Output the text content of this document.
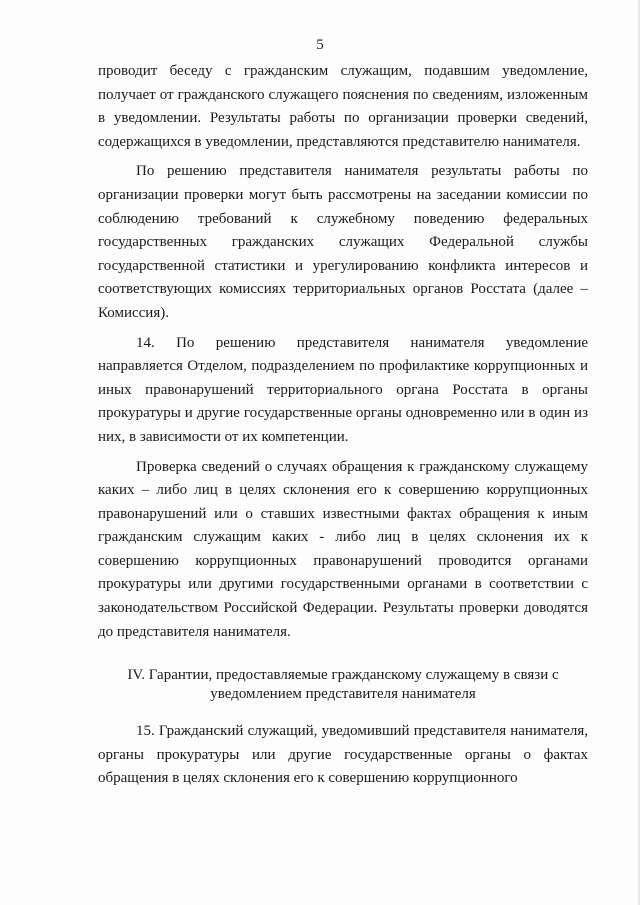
5

проводит беседу с гражданским служащим, подавшим уведомление, получает от гражданского служащего пояснения по сведениям, изложенным в уведомлении. Результаты работы по организации проверки сведений, содержащихся в уведомлении, представляются представителю нанимателя.

По решению представителя нанимателя результаты работы по организации проверки могут быть рассмотрены на заседании комиссии по соблюдению требований к служебному поведению федеральных государственных гражданских служащих Федеральной службы государственной статистики и урегулированию конфликта интересов и соответствующих комиссиях территориальных органов Росстата (далее – Комиссия).

14. По решению представителя нанимателя уведомление направляется Отделом, подразделением по профилактике коррупционных и иных правонарушений территориального органа Росстата в органы прокуратуры и другие государственные органы одновременно или в один из них, в зависимости от их компетенции.

Проверка сведений о случаях обращения к гражданскому служащему каких – либо лиц в целях склонения его к совершению коррупционных правонарушений или о ставших известными фактах обращения к иным гражданским служащим каких - либо лиц в целях склонения их к совершению коррупционных правонарушений проводится органами прокуратуры или другими государственными органами в соответствии с законодательством Российской Федерации. Результаты проверки доводятся до представителя нанимателя.

IV. Гарантии, предоставляемые гражданскому служащему в связи с уведомлением представителя нанимателя

15. Гражданский служащий, уведомивший представителя нанимателя, органы прокуратуры или другие государственные органы о фактах обращения в целях склонения его к совершению коррупционного
